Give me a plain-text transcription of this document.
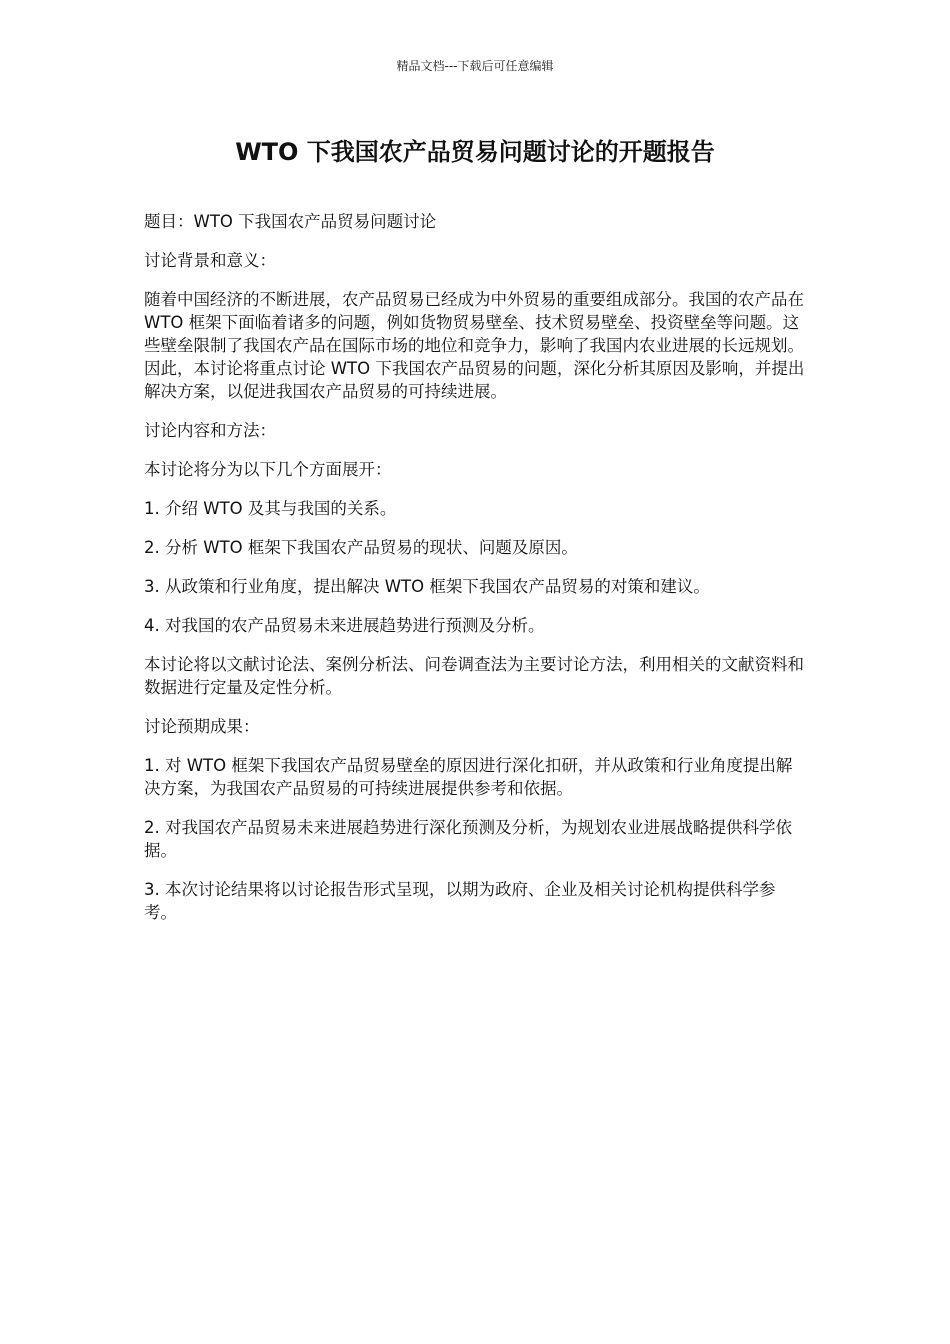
精品文档---下载后可任意编辑
WTO 下我国农产品贸易问题讨论的开题报告

题目：WTO 下我国农产品贸易问题讨论

讨论背景和意义：

随着中国经济的不断进展，农产品贸易已经成为中外贸易的重要组成部分。我国的农产品在 WTO 框架下面临着诸多的问题，例如货物贸易壁垒、技术贸易壁垒、投资壁垒等问题。这些壁垒限制了我国农产品在国际市场的地位和竞争力，影响了我国内农业进展的长远规划。因此，本讨论将重点讨论 WTO 下我国农产品贸易的问题，深化分析其原因及影响，并提出解决方案，以促进我国农产品贸易的可持续进展。

讨论内容和方法：

本讨论将分为以下几个方面展开：

1. 介绍 WTO 及其与我国的关系。

2. 分析 WTO 框架下我国农产品贸易的现状、问题及原因。

3. 从政策和行业角度，提出解决 WTO 框架下我国农产品贸易的对策和建议。

4. 对我国的农产品贸易未来进展趋势进行预测及分析。

本讨论将以文献讨论法、案例分析法、问卷调查法为主要讨论方法，利用相关的文献资料和数据进行定量及定性分析。

讨论预期成果：

1. 对 WTO 框架下我国农产品贸易壁垒的原因进行深化扣研，并从政策和行业角度提出解决方案，为我国农产品贸易的可持续进展提供参考和依据。

2. 对我国农产品贸易未来进展趋势进行深化预测及分析，为规划农业进展战略提供科学依据。

3. 本次讨论结果将以讨论报告形式呈现，以期为政府、企业及相关讨论机构提供科学参考。
